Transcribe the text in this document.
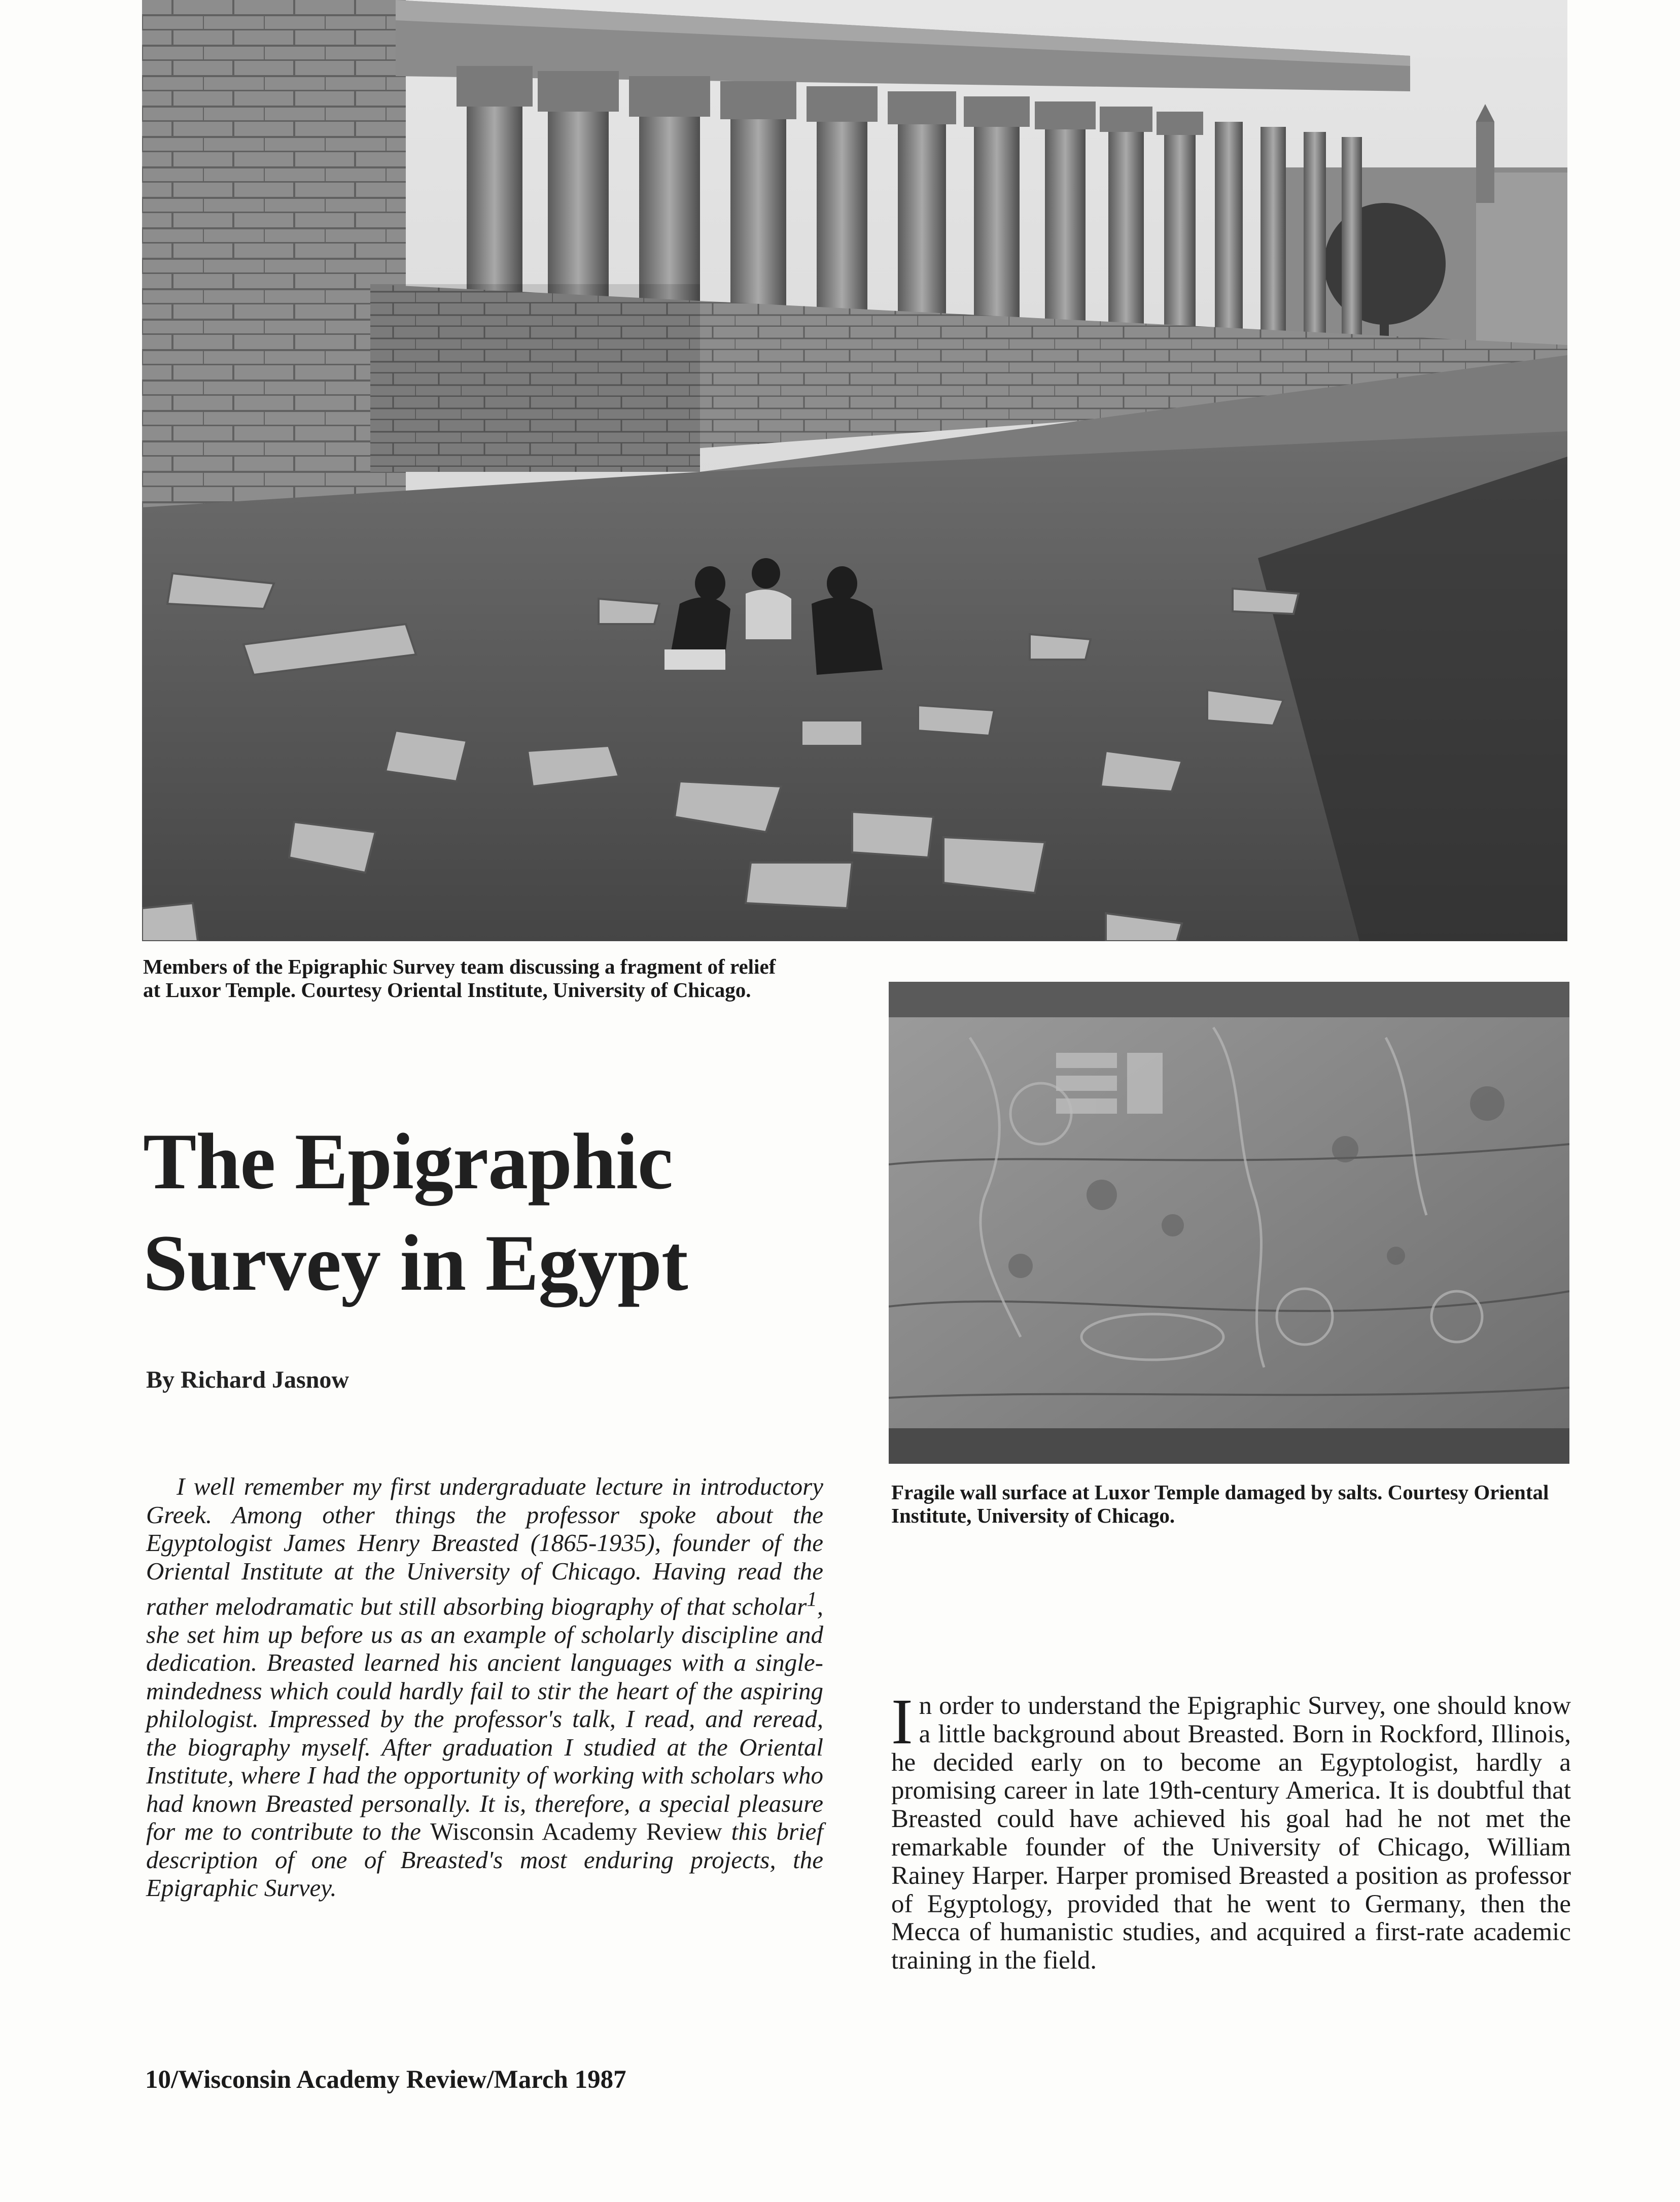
Members of the Epigraphic Survey team discussing a fragment of relief at Luxor Temple. Courtesy Oriental Institute, University of Chicago.

Fragile wall surface at Luxor Temple damaged by salts. Courtesy Oriental Institute, University of Chicago.

The Epigraphic
Survey in Egypt

By Richard Jasnow

I well remember my first undergraduate lecture in introductory Greek. Among other things the professor spoke about the Egyptologist James Henry Breasted (1865-1935), founder of the Oriental Institute at the University of Chicago. Having read the rather melodramatic but still absorbing biography of that scholar$^1$, she set him up before us as an example of scholarly discipline and dedication. Breasted learned his ancient languages with a single-mindedness which could hardly fail to stir the heart of the aspiring philologist. Impressed by the professor's talk, I read, and reread, the biography myself. After graduation I studied at the Oriental Institute, where I had the opportunity of working with scholars who had known Breasted personally. It is, therefore, a special pleasure for me to contribute to the Wisconsin Academy Review this brief description of one of Breasted's most enduring projects, the Epigraphic Survey.

In order to understand the Epigraphic Survey, one should know a little background about Breasted. Born in Rockford, Illinois, he decided early on to become an Egyptologist, hardly a promising career in late 19th-century America. It is doubtful that Breasted could have achieved his goal had he not met the remarkable founder of the University of Chicago, William Rainey Harper. Harper promised Breasted a position as professor of Egyptology, provided that he went to Germany, then the Mecca of humanistic studies, and acquired a first-rate academic training in the field.

10/Wisconsin Academy Review/March 1987
